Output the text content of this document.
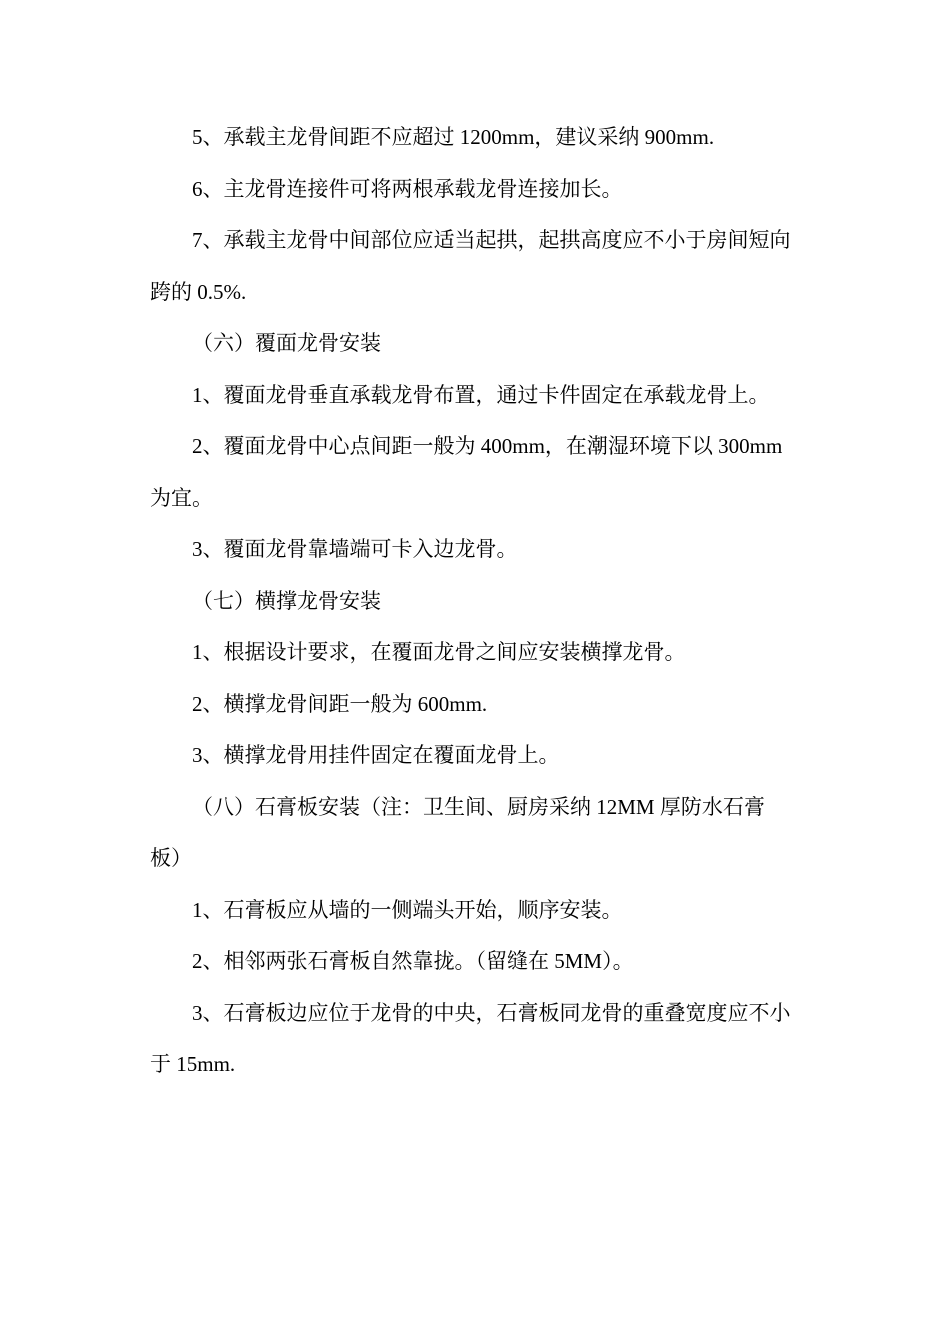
5、承载主龙骨间距不应超过 1200mm，建议采纳 900mm.

6、主龙骨连接件可将两根承载龙骨连接加长。

7、承载主龙骨中间部位应适当起拱，起拱高度应不小于房间短向跨的 0.5%.

（六）覆面龙骨安装

1、覆面龙骨垂直承载龙骨布置，通过卡件固定在承载龙骨上。

2、覆面龙骨中心点间距一般为 400mm，在潮湿环境下以 300mm 为宜。

3、覆面龙骨靠墙端可卡入边龙骨。

（七）横撑龙骨安装

1、根据设计要求，在覆面龙骨之间应安装横撑龙骨。

2、横撑龙骨间距一般为 600mm.

3、横撑龙骨用挂件固定在覆面龙骨上。

（八）石膏板安装（注：卫生间、厨房采纳 12MM 厚防水石膏板）

1、石膏板应从墙的一侧端头开始，顺序安装。

2、相邻两张石膏板自然靠拢。（留缝在 5MM）。

3、石膏板边应位于龙骨的中央，石膏板同龙骨的重叠宽度应不小于 15mm.
